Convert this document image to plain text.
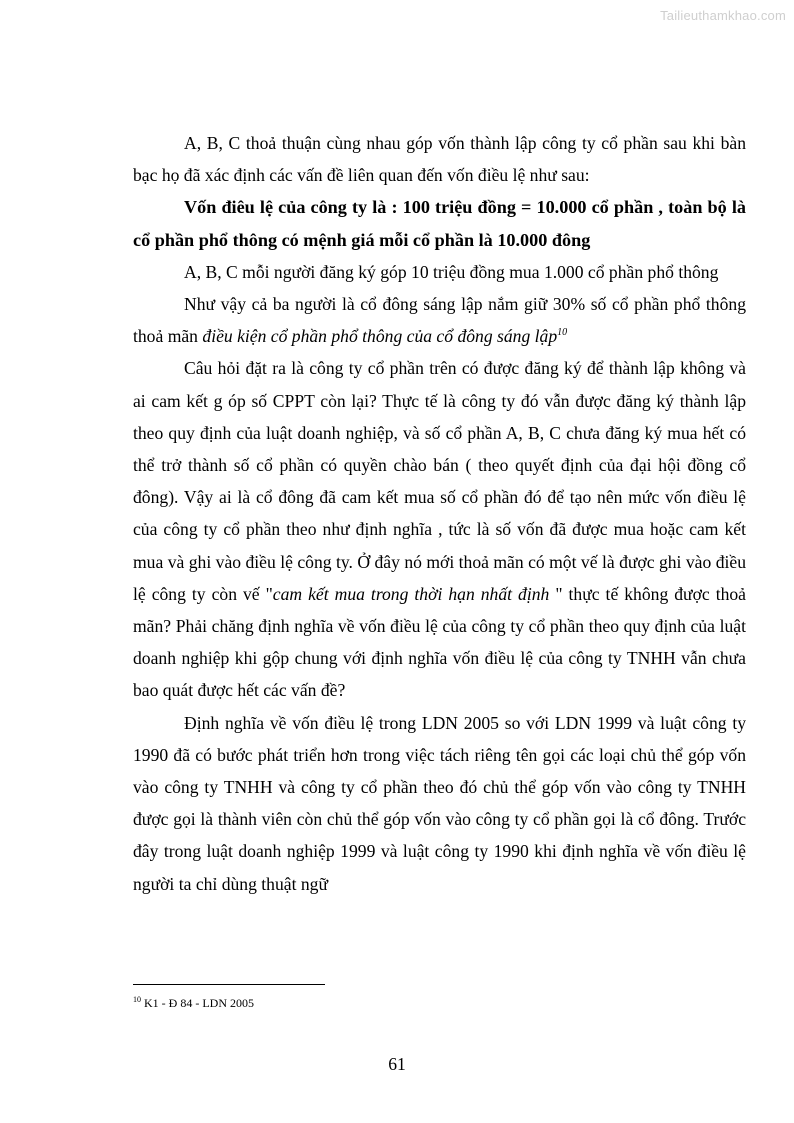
Tailieuthamkhao.com

A, B, C thoả thuận cùng nhau góp vốn thành lập công ty cổ phần sau khi bàn bạc họ đã xác định các vấn đề liên quan đến vốn điều lệ như sau:

Vốn điêu lệ của công ty là : 100 triệu đồng = 10.000 cổ phần , toàn bộ là cổ phần phổ thông có mệnh giá mỗi cổ phần là 10.000 đông

A, B, C mỗi người đăng ký góp 10 triệu đồng mua 1.000 cổ phần phổ thông

Như vậy cả ba người là cổ đông sáng lập nắm giữ 30% số cổ phần phổ thông thoả mãn điều kiện cổ phần phổ thông của cổ đông sáng lập$^{10}$

Câu hỏi đặt ra là công ty cổ phần trên có được đăng ký để thành lập không và ai cam kết g óp số CPPT còn lại? Thực tế là công ty đó vẫn được đăng ký thành lập theo quy định của luật doanh nghiệp, và số cổ phần A, B, C chưa đăng ký mua hết có thể trở thành số cổ phần có quyền chào bán ( theo quyết định của đại hội đồng cổ đông). Vậy ai là cổ đông đã cam kết mua số cổ phần đó để tạo nên mức vốn điều lệ của công ty cổ phần theo như định nghĩa , tức là số vốn đã được mua hoặc cam kết mua và ghi vào điều lệ công ty. Ở đây nó mới thoả mãn có một vế là được ghi vào điều lệ công ty còn vế "cam kết mua trong thời hạn nhất định " thực tế không được thoả mãn? Phải chăng định nghĩa về vốn điều lệ của công ty cổ phần theo quy định của luật doanh nghiệp khi gộp chung với định nghĩa vốn điều lệ của công ty TNHH vẫn chưa bao quát được hết các vấn đề?

Định nghĩa về vốn điều lệ trong LDN 2005 so với LDN 1999 và luật công ty 1990 đã có bước phát triển hơn trong việc tách riêng tên gọi các loại chủ thể góp vốn vào công ty TNHH và công ty cổ phần theo đó chủ thể góp vốn vào công ty TNHH được gọi là thành viên còn chủ thể góp vốn vào công ty cổ phần gọi là cổ đông. Trước đây trong luật doanh nghiệp 1999 và luật công ty 1990 khi định nghĩa về vốn điều lệ người ta chỉ dùng thuật ngữ

$^{10}$ K1 - Đ 84 - LDN 2005
61
